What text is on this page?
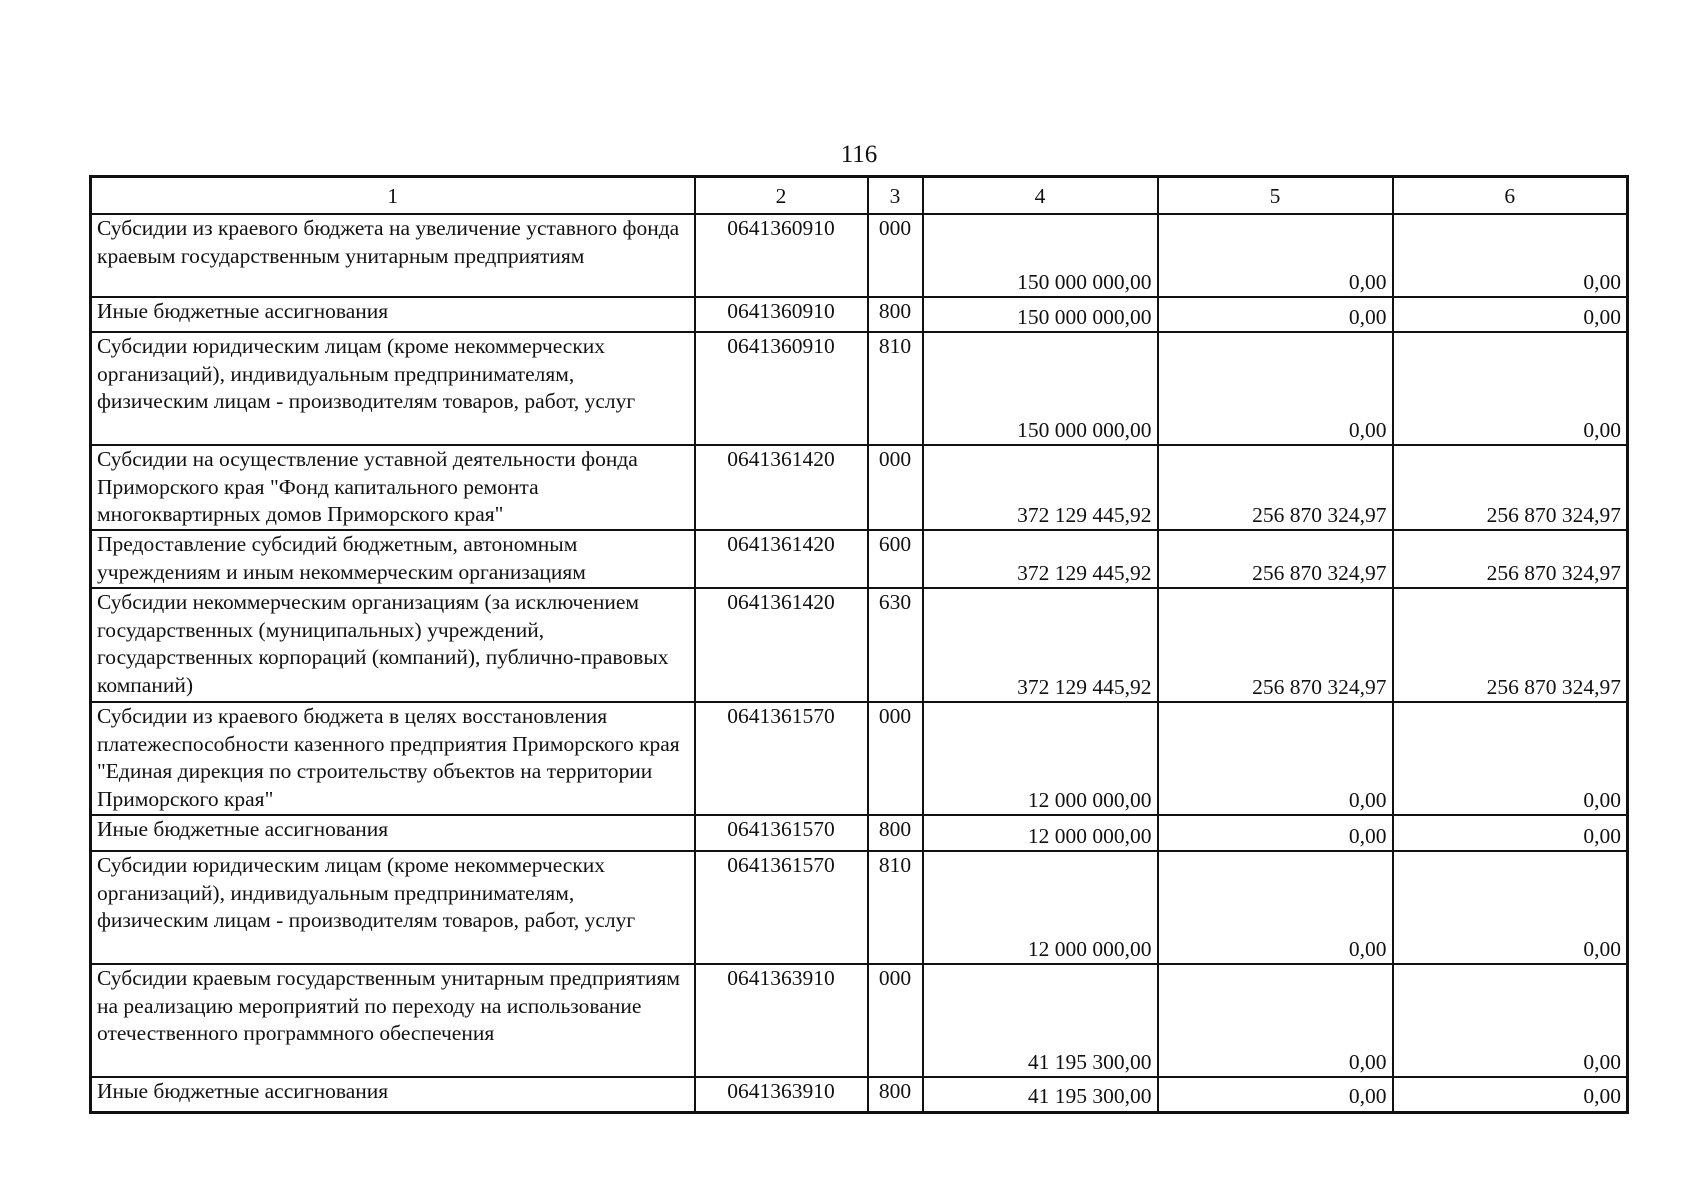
116
1	2	3	4	5	6
Субсидии из краевого бюджета на увеличение уставного фонда краевым государственным унитарным предприятиям	0641360910	000	150 000 000,00	0,00	0,00
Иные бюджетные ассигнования	0641360910	800	150 000 000,00	0,00	0,00
Субсидии юридическим лицам (кроме некоммерческих организаций), индивидуальным предпринимателям, физическим лицам - производителям товаров, работ, услуг	0641360910	810	150 000 000,00	0,00	0,00
Субсидии на осуществление уставной деятельности фонда Приморского края "Фонд капитального ремонта многоквартирных домов Приморского края"	0641361420	000	372 129 445,92	256 870 324,97	256 870 324,97
Предоставление субсидий бюджетным, автономным учреждениям и иным некоммерческим организациям	0641361420	600	372 129 445,92	256 870 324,97	256 870 324,97
Субсидии некоммерческим организациям (за исключением государственных (муниципальных) учреждений, государственных корпораций (компаний), публично-правовых компаний)	0641361420	630	372 129 445,92	256 870 324,97	256 870 324,97
Субсидии из краевого бюджета в целях восстановления платежеспособности казенного предприятия Приморского края "Единая дирекция по строительству объектов на территории Приморского края"	0641361570	000	12 000 000,00	0,00	0,00
Иные бюджетные ассигнования	0641361570	800	12 000 000,00	0,00	0,00
Субсидии юридическим лицам (кроме некоммерческих организаций), индивидуальным предпринимателям, физическим лицам - производителям товаров, работ, услуг	0641361570	810	12 000 000,00	0,00	0,00
Субсидии краевым государственным унитарным предприятиям на реализацию мероприятий по переходу на использование отечественного программного обеспечения	0641363910	000	41 195 300,00	0,00	0,00
Иные бюджетные ассигнования	0641363910	800	41 195 300,00	0,00	0,00
